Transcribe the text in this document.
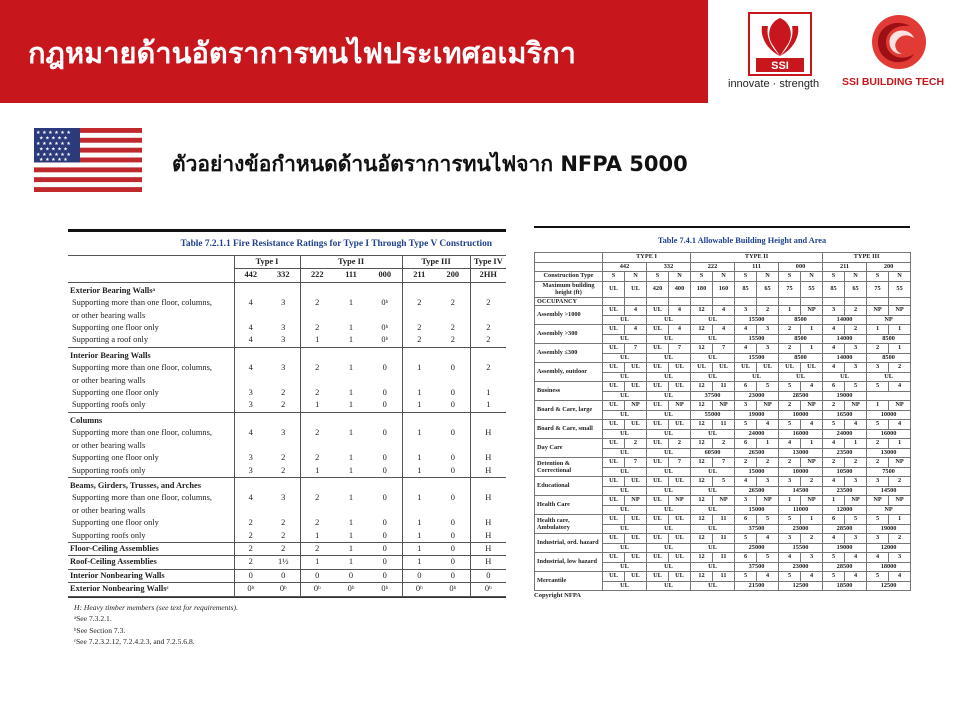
กฎหมายด้านอัตราการทนไฟประเทศอเมริกา	SSI
innovate · strength SSI BUILDING TECH
★ ★ ★ ★ ★ ★
★ ★ ★ ★ ★
★ ★ ★ ★ ★ ★
★ ★ ★ ★ ★
★ ★ ★ ★ ★ ★
★ ★ ★ ★ ★	ตัวอย่างข้อกำหนดด้านอัตราการทนไฟจาก NFPA 5000
Table 7.2.1.1 Fire Resistance Ratings for Type I Through Type V Construction
	Type I		Type II			Type III		Type IV
	442	332	222	111	000	211	200	2HH
Exterior Bearing Wallsᵃ								
Supporting more than one floor, columns,	4	3	2	1	0ᵇ	2	2	2
or other bearing walls								
Supporting one floor only	4	3	2	1	0ᵇ	2	2	2
Supporting a roof only	4	3	1	1	0ᵇ	2	2	2
Interior Bearing Walls								
Supporting more than one floor, columns,	4	3	2	1	0	1	0	2
or other bearing walls								
Supporting one floor only	3	2	2	1	0	1	0	1
Supporting roofs only	3	2	1	1	0	1	0	1
Columns								
Supporting more than one floor, columns,	4	3	2	1	0	1	0	H
or other bearing walls								
Supporting one floor only	3	2	2	1	0	1	0	H
Supporting roofs only	3	2	1	1	0	1	0	H
Beams, Girders, Trusses, and Arches								
Supporting more than one floor, columns,	4	3	2	1	0	1	0	H
or other bearing walls								
Supporting one floor only	2	2	2	1	0	1	0	H
Supporting roofs only	2	2	1	1	0	1	0	H
Floor-Ceiling Assemblies	2	2	2	1	0	1	0	H
Roof-Ceiling Assemblies	2	1½	1	1	0	1	0	H
Interior Nonbearing Walls	0	0	0	0	0	0	0	0
Exterior Nonbearing Wallsᶜ	0ᵇ	0ᵇ	0ᵇ	0ᵇ	0ᵇ	0ᵇ	0ᵇ	0ᵇ
H: Heavy timber members (see text for requirements).
ᵃSee 7.3.2.1.
ᵇSee Section 7.3.
ᶜSee 7.2.3.2.12, 7.2.4.2.3, and 7.2.5.6.8.
Table 7.4.1 Allowable Building Height and Area
	TYPE I				TYPE II						TYPE III			
	442		332		222		111		000		211		200	
Construction Type	S	N	S	N	S	N	S	N	S	N	S	N	S	N
Maximum building height (ft)	UL	UL	420	400	180	160	85	65	75	55	85	65	75	55
OCCUPANCY														
Assembly >1000	UL	4	UL	4	12	4	3	2	1	NP	3	2	NP	NP
	UL		UL		UL		15500		8500		14000		NP	
Assembly >300	UL	4	UL	4	12	4	4	3	2	1	4	2	1	1
	UL		UL		UL		15500		8500		14000		8500	
Assembly ≤300	UL	7	UL	7	12	7	4	3	2	1	4	3	2	1
	UL		UL		UL		15500		8500		14000		8500	
Assembly, outdoor	UL	UL	UL	UL	UL	UL	UL	UL	UL	UL	4	3	3	2
	UL		UL		UL		UL		UL		UL		UL	
Business	UL	UL	UL	UL	12	11	6	5	5	4	6	5	5	4
	UL		UL		37500		23000		28500		19000			
Board & Care, large	UL	NP	UL	NP	12	NP	3	NP	2	NP	2	NP	1	NP
	UL		UL		55000		19000		10000		16500		10000	
Board & Care, small	UL	UL	UL	UL	12	11	5	4	5	4	5	4	5	4
	UL		UL		UL		24000		16000		24000		16000	
Day Care	UL	2	UL	2	12	2	6	1	4	1	4	1	2	1
	UL		UL		60500		26500		13000		23500		13000	
Detention & Correctional	UL	7	UL	7	12	7	2	2	2	NP	2	2	2	NP
	UL		UL		UL		15000		10000		10500		7500	
Educational	UL	UL	UL	UL	12	5	4	3	3	2	4	3	3	2
	UL		UL		UL		26500		14500		23500		14500	
Health Care	UL	NP	UL	NP	12	NP	3	NP	1	NP	1	NP	NP	NP
	UL		UL		UL		15000		11000		12000		NP	
Health care, Ambulatory	UL	UL	UL	UL	12	11	6	5	5	1	6	5	5	1
	UL		UL		UL		37500		23000		28500		19000	
Industrial, ord. hazard	UL	UL	UL	UL	12	11	5	4	3	2	4	3	3	2
	UL		UL		UL		25000		15500		19000		12000	
Industrial, low hazard	UL	UL	UL	UL	12	11	6	5	4	3	5	4	4	3
	UL		UL		UL		37500		23000		28500		18000	
Mercantile	UL	UL	UL	UL	12	11	5	4	5	4	5	4	5	4
	UL		UL		UL		21500		12500		18500		12500	
Copyright NFPA
